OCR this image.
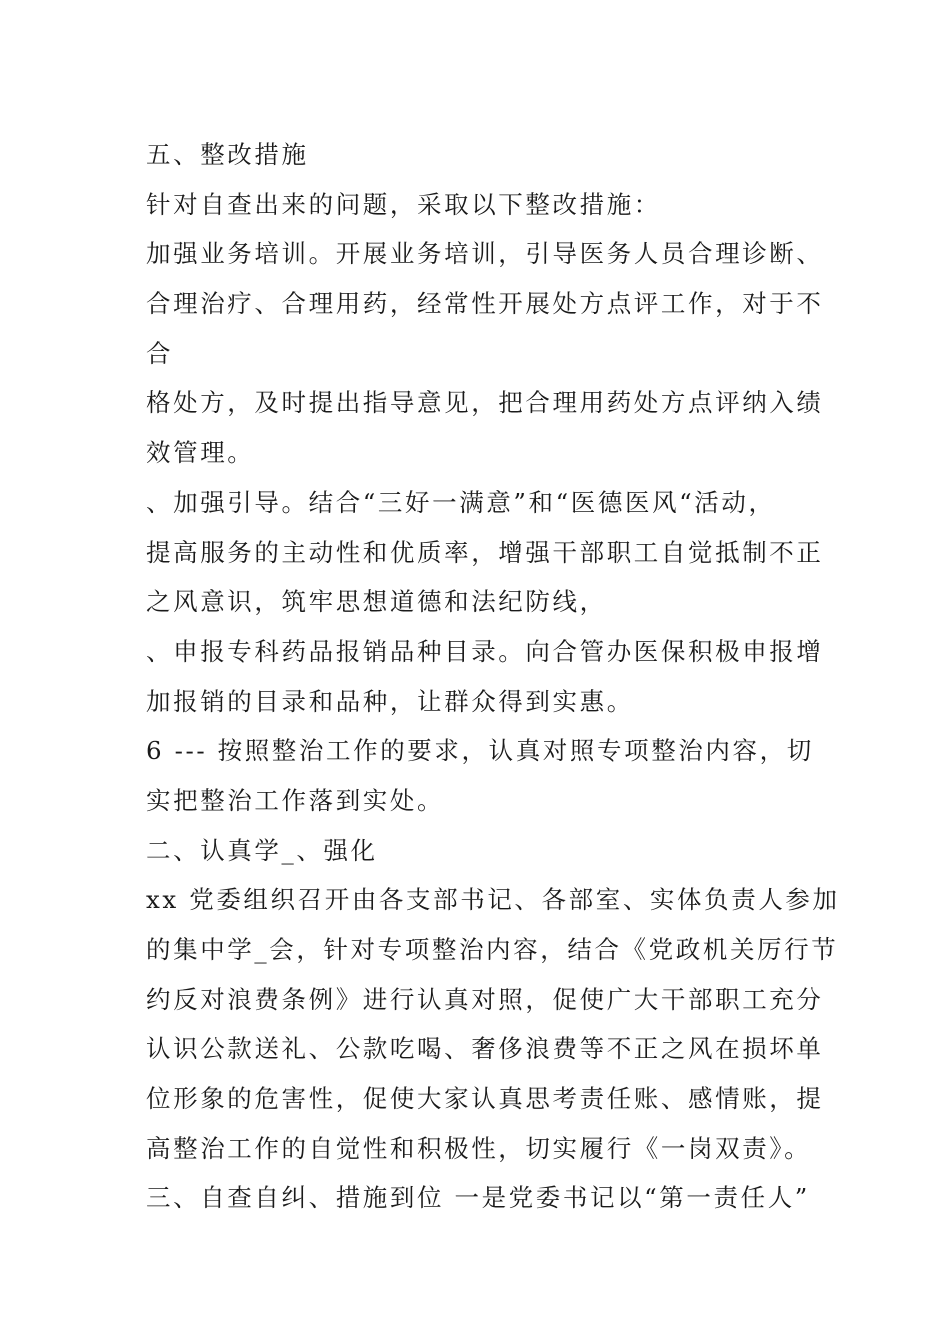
五、整改措施
针对自查出来的问题，采取以下整改措施：
加强业务培训。开展业务培训，引导医务人员合理诊断、
合理治疗、合理用药，经常性开展处方点评工作，对于不
合
格处方，及时提出指导意见，把合理用药处方点评纳入绩
效管理。
、加强引导。结合“三好一满意”和“医德医风“活动，
提高服务的主动性和优质率，增强干部职工自觉抵制不正
之风意识，筑牢思想道德和法纪防线，
、申报专科药品报销品种目录。向合管办医保积极申报增
加报销的目录和品种，让群众得到实惠。
6 --- 按照整治工作的要求，认真对照专项整治内容，切
实把整治工作落到实处。
二、认真学_、强化
xx 党委组织召开由各支部书记、各部室、实体负责人参加
的集中学_会，针对专项整治内容，结合《党政机关厉行节
约反对浪费条例》进行认真对照，促使广大干部职工充分
认识公款送礼、公款吃喝、奢侈浪费等不正之风在损坏单
位形象的危害性，促使大家认真思考责任账、感情账，提
高整治工作的自觉性和积极性，切实履行《一岗双责》。
三、自查自纠、措施到位 一是党委书记以“第一责任人”
